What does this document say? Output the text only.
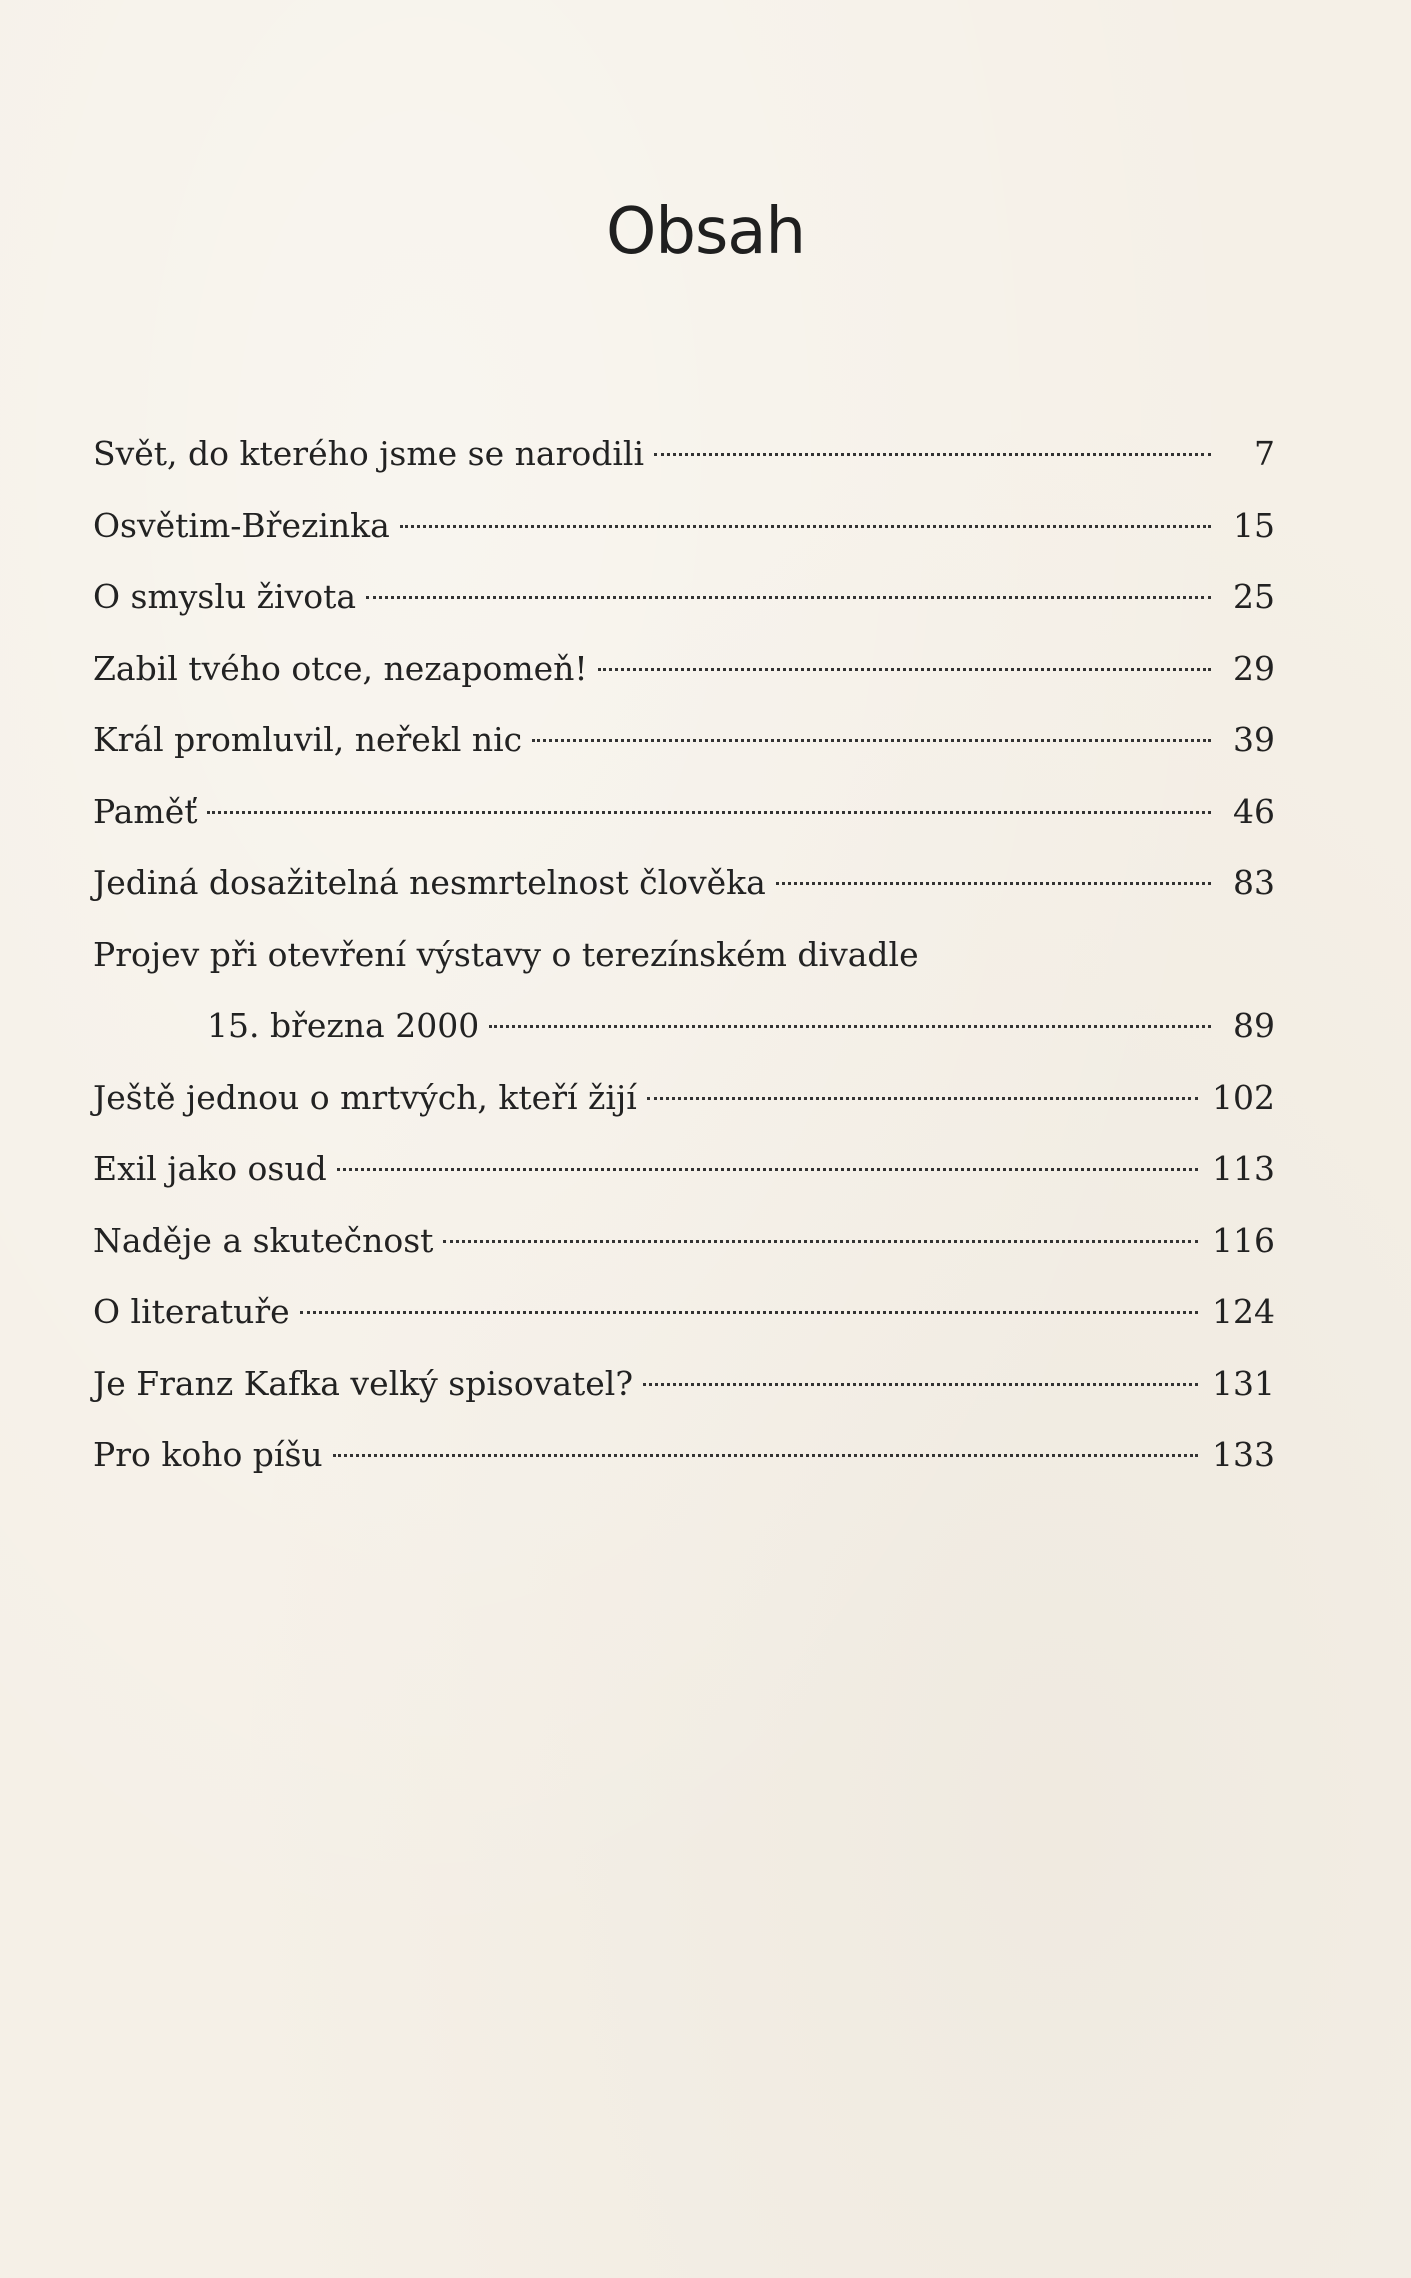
Obsah
Svět, do kterého jsme se narodili	7
Osvětim-Březinka	15
O smyslu života	25
Zabil tvého otce, nezapomeň!	29
Král promluvil, neřekl nic	39
Paměť	46
Jediná dosažitelná nesmrtelnost člověka	83
Projev při otevření výstavy o terezínském divadle
15. března 2000	89
Ještě jednou o mrtvých, kteří žijí	102
Exil jako osud	113
Naděje a skutečnost	116
O literatuře	124
Je Franz Kafka velký spisovatel?	131
Pro koho píšu	133
